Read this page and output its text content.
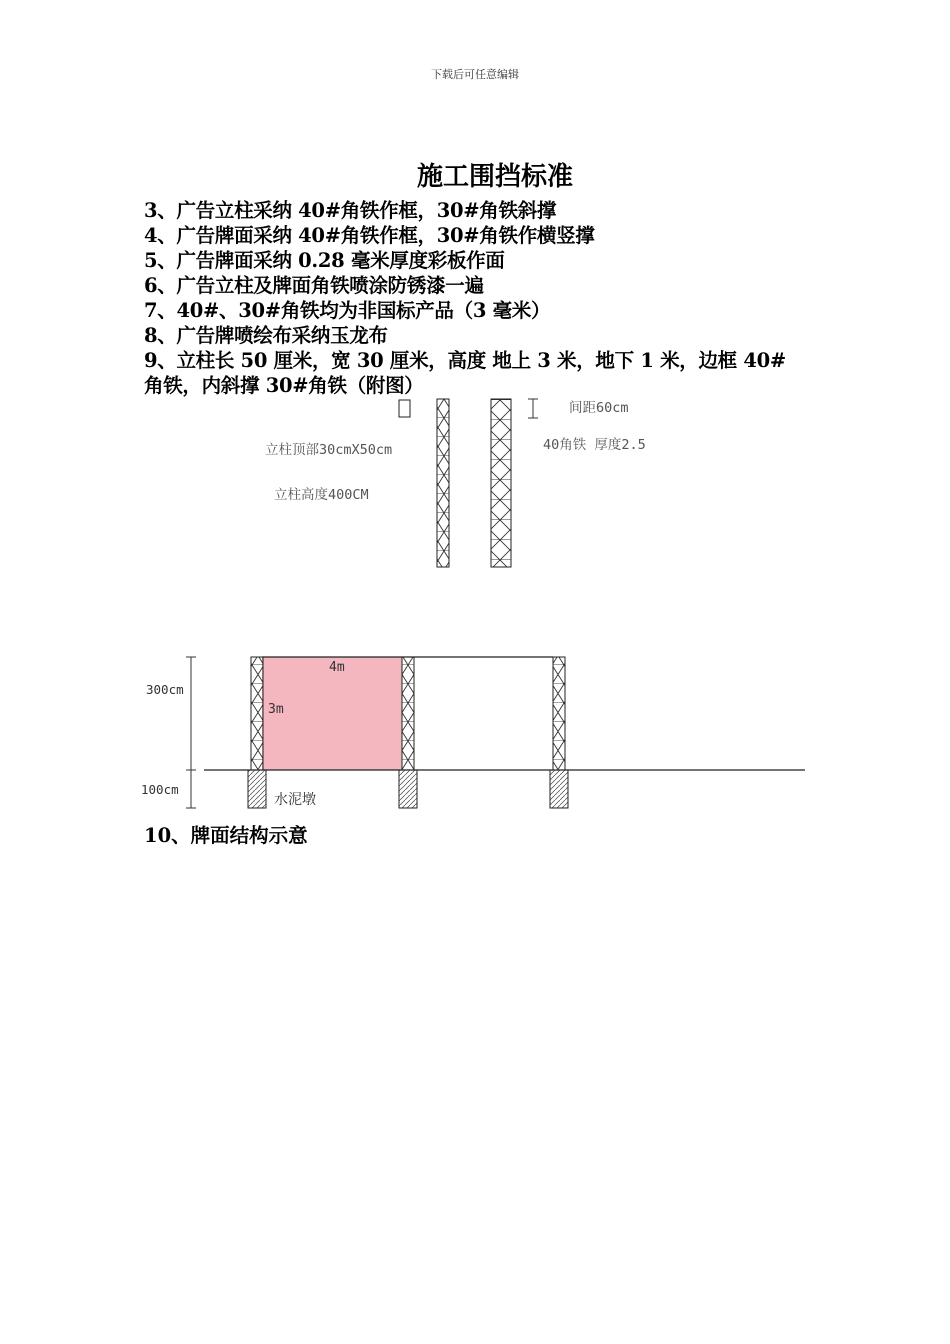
下载后可任意编辑
施工围挡标准
3、广告立柱采纳 40#角铁作框，30#角铁斜撑
4、广告牌面采纳 40#角铁作框，30#角铁作横竖撑
5、广告牌面采纳 0.28 毫米厚度彩板作面
6、广告立柱及牌面角铁喷涂防锈漆一遍
7、40#、30#角铁均为非国标产品（3 毫米）
8、广告牌喷绘布采纳玉龙布
9、立柱长 50 厘米，宽 30 厘米，高度 地上 3 米，地下 1 米，边框 40#角铁，内斜撑 30#角铁（附图）
间距60cm
40角铁 厚度2.5
立柱顶部30cmX50cm
立柱高度400CM
4m
3m
300cm
100cm
水泥墩
10、牌面结构示意
